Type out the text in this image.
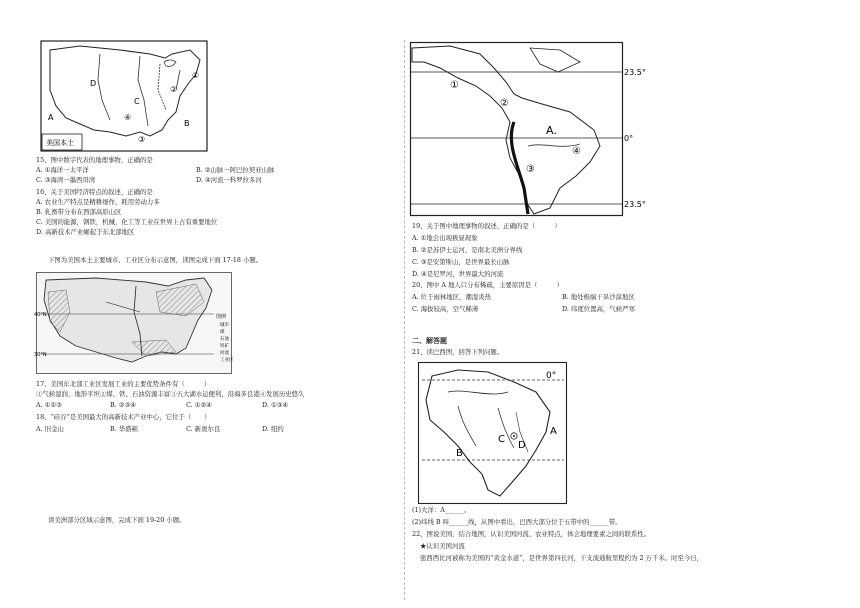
美国本土
A
B
C
D
①
②
③
④
15、图中数字代表的地理事物，正确的是
A. ①海洋一太平洋	B. ②山脉一阿巴拉契亚山脉
C. ③海湾一墨西哥湾	D. ④河流一科罗拉多河
16、关于美国经济特点的叙述，正确的是
A. 农业生产特点是精耕细作，耗用劳动力多
B. 乳畜带分布在西部高原山区
C. 美国的能源，钢铁，机械，化工等工业在世界上占有重要地位
D. 高新技术产业崛起于东北部地区
下图为美国本土主要城市、工业区分布示意图，读图完成下面 17-18 小题。
40°N
30°N
图例
城市
煤
石油
铁矿
河流
工业区
17、美国东北部工业区发展工业的主要优势条件有（　　　）
①气候湿润，地形平坦②煤、铁、石油资源丰富③五大湖水运便利，沿海多良港④发展历史悠久
A. ①②③	B. ②③④	C. ①②④	D. ①③④
18、“硅谷”是美国最大的高新技术产业中心，它位于（　　）
A. 旧金山	B. 华盛顿	C. 新奥尔良	D. 纽约
读美洲部分区域示意图，完成下面 19-20 小题。
23.5°
0°
23.5°
①
②
③
④
A.
19、关于图中地理事物的叙述，正确的是（　　　）
A. ①地会出现极昼现象
B. ②是苏伊士运河，是南北美洲分界线
C. ③是安第斯山，是世界最长山脉
D. ④是尼罗河，世界最大的河流
20、图中 A 地人口分布稀疏，主要原因是（　　　）
A. 位于雨林地区，潮湿炎热	B. 地处极端干旱沙漠地区
C. 海拔较高，空气稀薄	D. 纬度位置高，气候严寒
二、解答题
21、读巴西图，回答下列问题。
0°
A
B
C
D
(1)大洋：A______。
(2)纬线 B 叫______线，从图中看出，巴西大部分位于五带中的______带。
22、图说美国，结合地图，认识美国河流、农业特点，体会地理要素之间的联系性。
★认识美国河流
密西西比河被称为美国的“黄金水道”，是世界第四长河，干支流通航里程约为 2 万千米。时至今日，
